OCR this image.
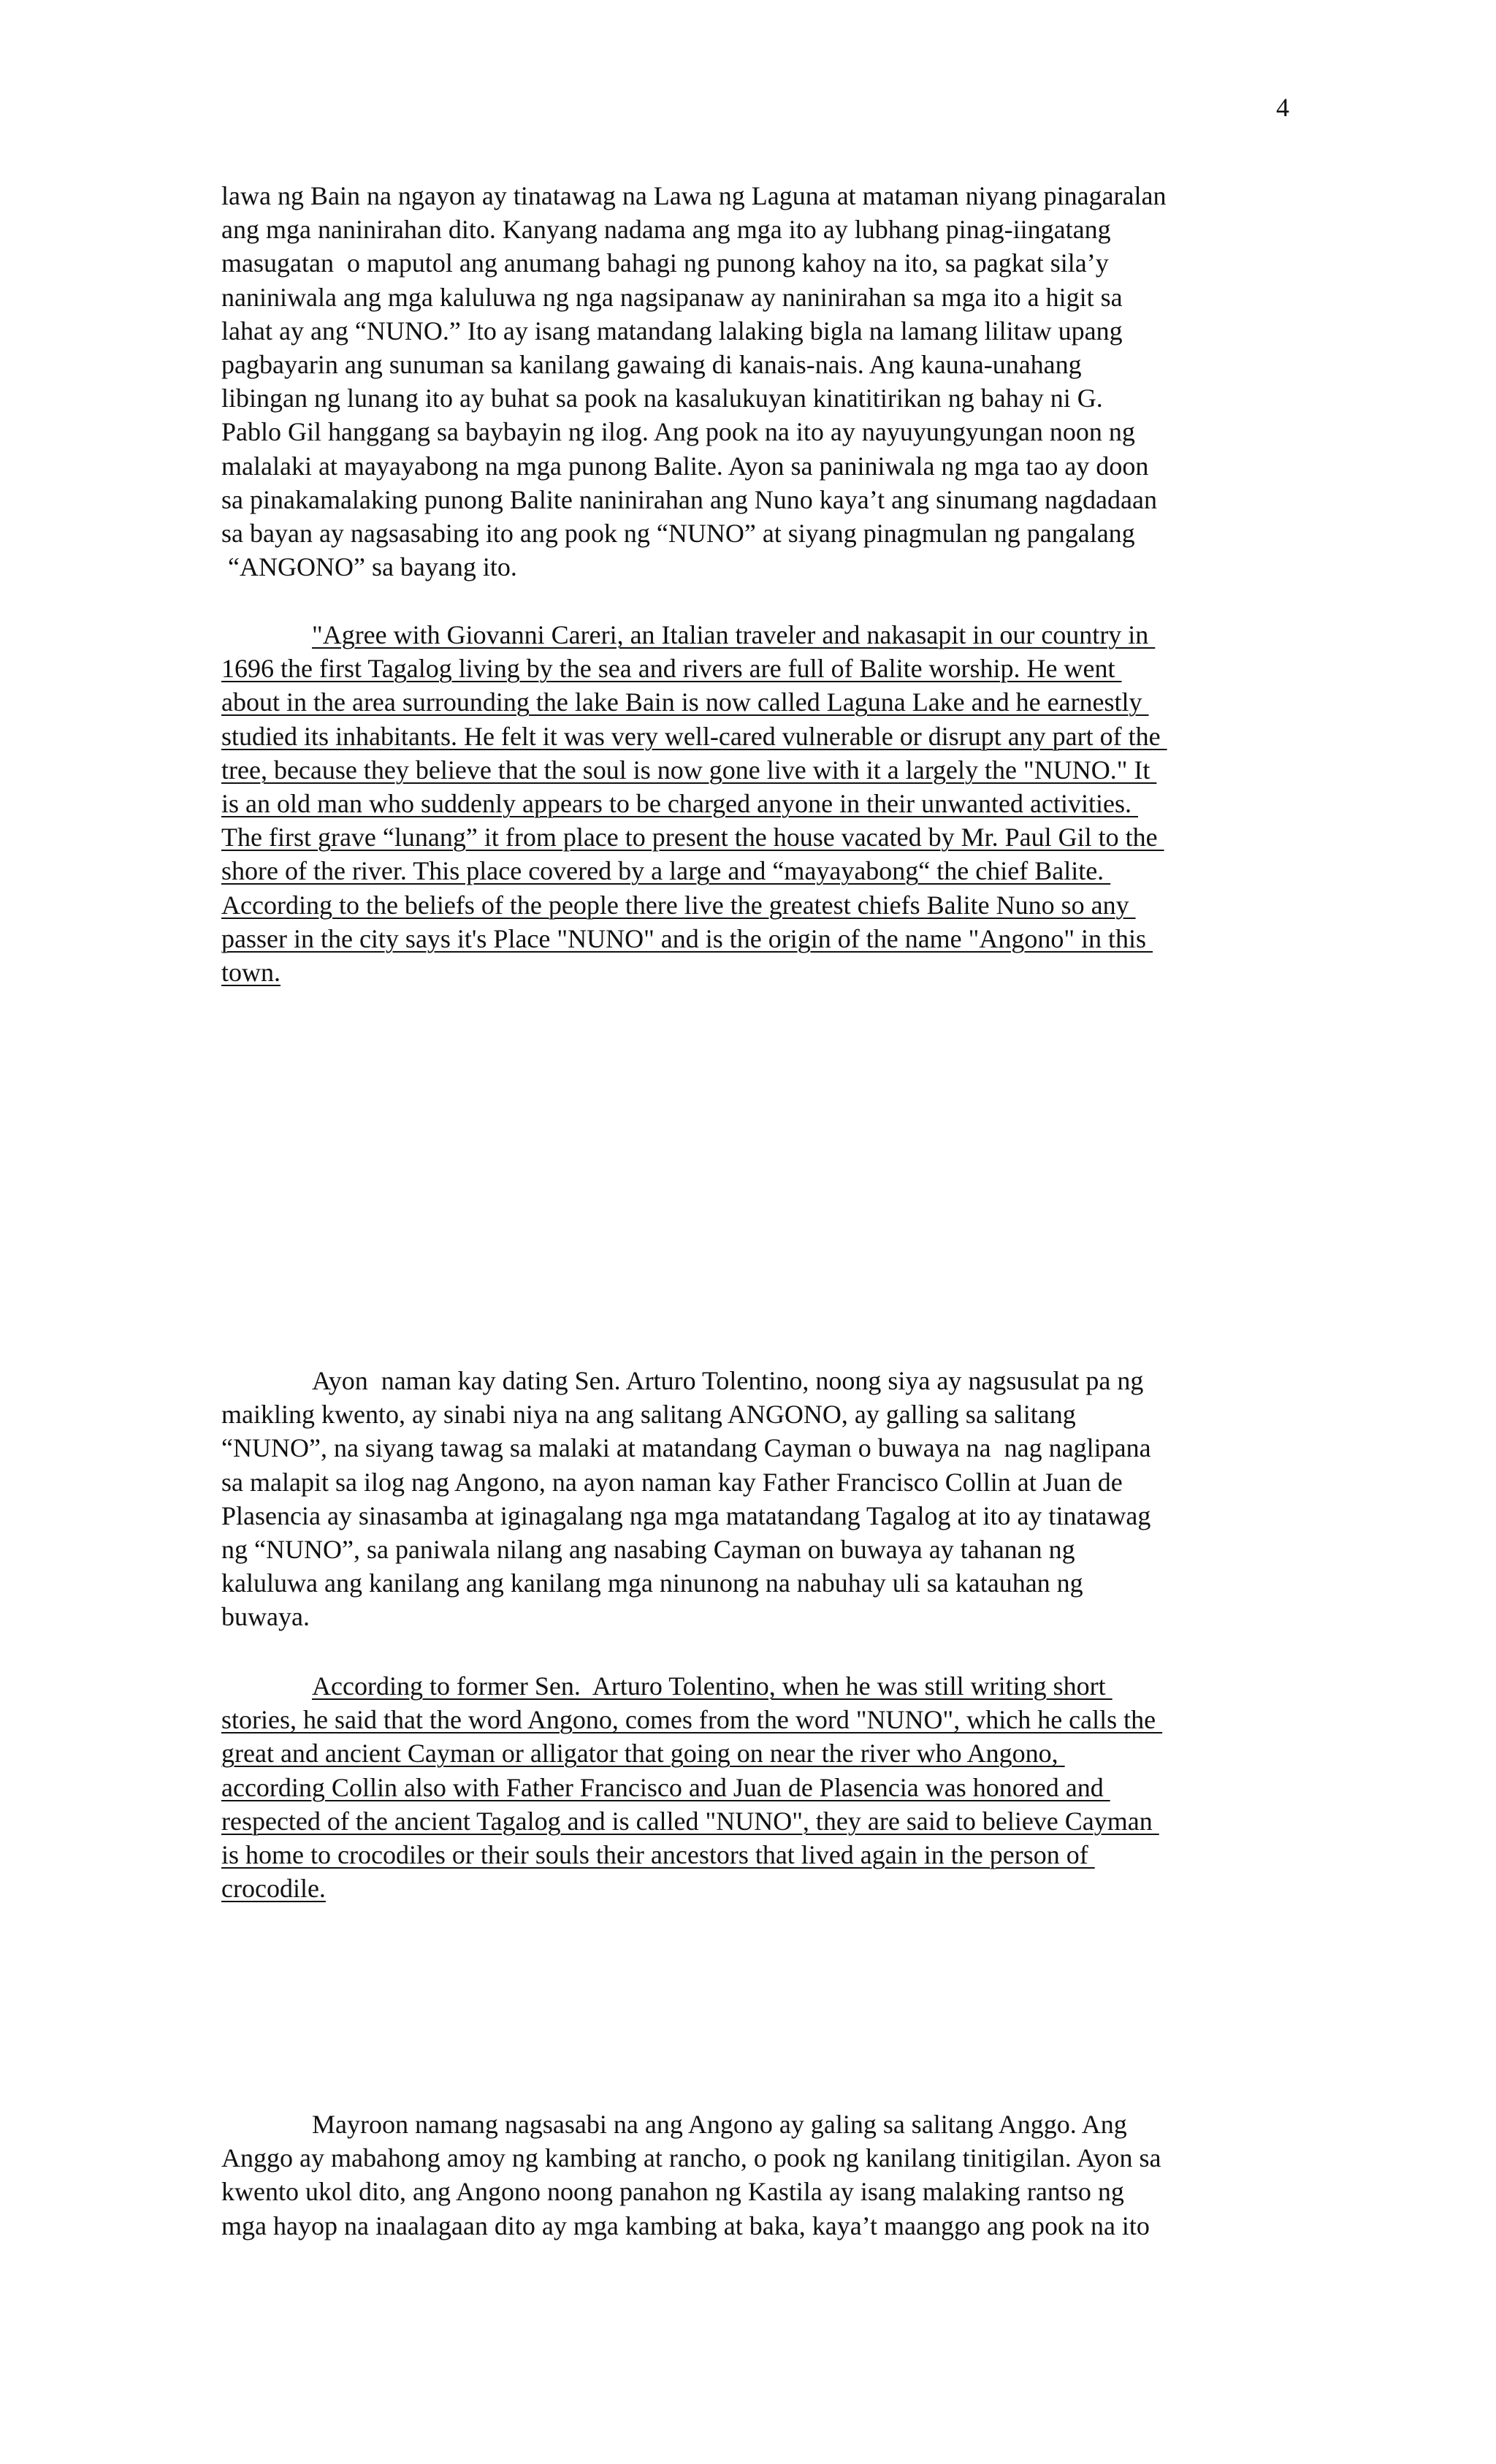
4
lawa ng Bain na ngayon ay tinatawag na Lawa ng Laguna at mataman niyang pinagaralan
ang mga naninirahan dito. Kanyang nadama ang mga ito ay lubhang pinag-iingatang
masugatan  o maputol ang anumang bahagi ng punong kahoy na ito, sa pagkat sila’y
naniniwala ang mga kaluluwa ng nga nagsipanaw ay naninirahan sa mga ito a higit sa
lahat ay ang “NUNO.” Ito ay isang matandang lalaking bigla na lamang lilitaw upang
pagbayarin ang sunuman sa kanilang gawaing di kanais-nais. Ang kauna-unahang
libingan ng lunang ito ay buhat sa pook na kasalukuyan kinatitirikan ng bahay ni G.
Pablo Gil hanggang sa baybayin ng ilog. Ang pook na ito ay nayuyungyungan noon ng
malalaki at mayayabong na mga punong Balite. Ayon sa paniniwala ng mga tao ay doon
sa pinakamalaking punong Balite naninirahan ang Nuno kaya’t ang sinumang nagdadaan
sa bayan ay nagsasabing ito ang pook ng “NUNO” at siyang pinagmulan ng pangalang
“ANGONO” sa bayang ito.
"Agree with Giovanni Careri, an Italian traveler and nakasapit in our country in
1696 the first Tagalog living by the sea and rivers are full of Balite worship. He went
about in the area surrounding the lake Bain is now called Laguna Lake and he earnestly
studied its inhabitants. He felt it was very well-cared vulnerable or disrupt any part of the
tree, because they believe that the soul is now gone live with it a largely the "NUNO." It
is an old man who suddenly appears to be charged anyone in their unwanted activities.
The first grave “lunang” it from place to present the house vacated by Mr. Paul Gil to the
shore of the river. This place covered by a large and “mayayabong“ the chief Balite.
According to the beliefs of the people there live the greatest chiefs Balite Nuno so any
passer in the city says it's Place "NUNO" and is the origin of the name "Angono" in this
town.
Ayon  naman kay dating Sen. Arturo Tolentino, noong siya ay nagsusulat pa ng
maikling kwento, ay sinabi niya na ang salitang ANGONO, ay galling sa salitang
“NUNO”, na siyang tawag sa malaki at matandang Cayman o buwaya na  nag naglipana
sa malapit sa ilog nag Angono, na ayon naman kay Father Francisco Collin at Juan de
Plasencia ay sinasamba at iginagalang nga mga matatandang Tagalog at ito ay tinatawag
ng “NUNO”, sa paniwala nilang ang nasabing Cayman on buwaya ay tahanan ng
kaluluwa ang kanilang ang kanilang mga ninunong na nabuhay uli sa katauhan ng
buwaya.
According to former Sen.  Arturo Tolentino, when he was still writing short
stories, he said that the word Angono, comes from the word "NUNO", which he calls the
great and ancient Cayman or alligator that going on near the river who Angono,
according Collin also with Father Francisco and Juan de Plasencia was honored and
respected of the ancient Tagalog and is called "NUNO", they are said to believe Cayman
is home to crocodiles or their souls their ancestors that lived again in the person of
crocodile.
Mayroon namang nagsasabi na ang Angono ay galing sa salitang Anggo. Ang
Anggo ay mabahong amoy ng kambing at rancho, o pook ng kanilang tinitigilan. Ayon sa
kwento ukol dito, ang Angono noong panahon ng Kastila ay isang malaking rantso ng
mga hayop na inaalagaan dito ay mga kambing at baka, kaya’t maanggo ang pook na ito
